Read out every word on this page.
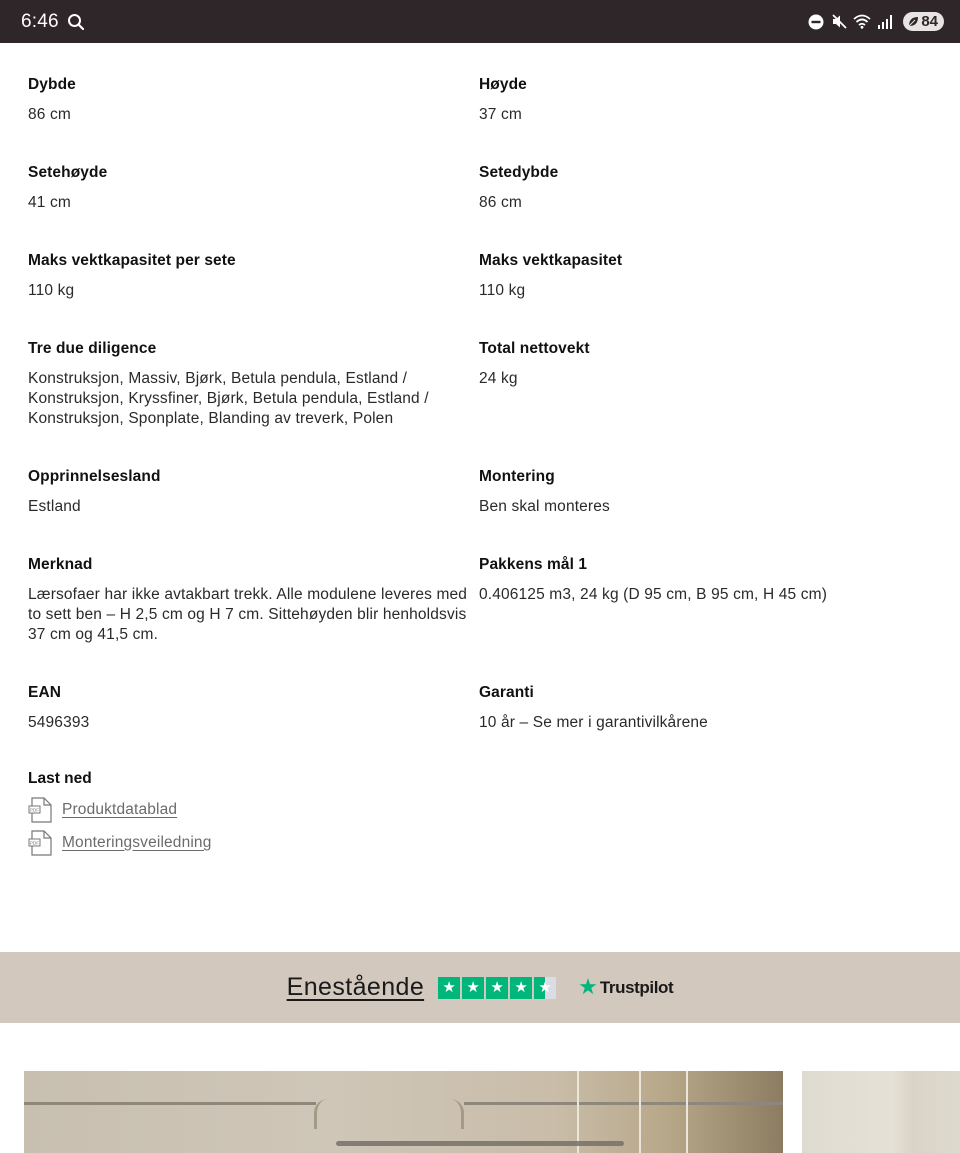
6:46	84
Dybde
86 cm
Høyde
37 cm
Setehøyde
41 cm
Setedybde
86 cm
Maks vektkapasitet per sete
110 kg
Maks vektkapasitet
110 kg
Tre due diligence
Konstruksjon, Massiv, Bjørk, Betula pendula, Estland / Konstruksjon, Kryssfiner, Bjørk, Betula pendula, Estland / Konstruksjon, Sponplate, Blanding av treverk, Polen
Total nettovekt
24 kg
Opprinnelsesland
Estland
Montering
Ben skal monteres
Merknad
Lærsofaer har ikke avtakbart trekk. Alle modulene leveres med to sett ben – H 2,5 cm og H 7 cm. Sittehøyden blir henholdsvis 37 cm og 41,5 cm.
Pakkens mål 1
0.406125 m3, 24 kg (D 95 cm, B 95 cm, H 45 cm)
EAN
5496393
Garanti
10 år – Se mer i garantivilkårene
Last ned
PDF Produktdatablad
PDF Monteringsveiledning
Enestående ★ ★ ★ ★ ★ ★ Trustpilot
